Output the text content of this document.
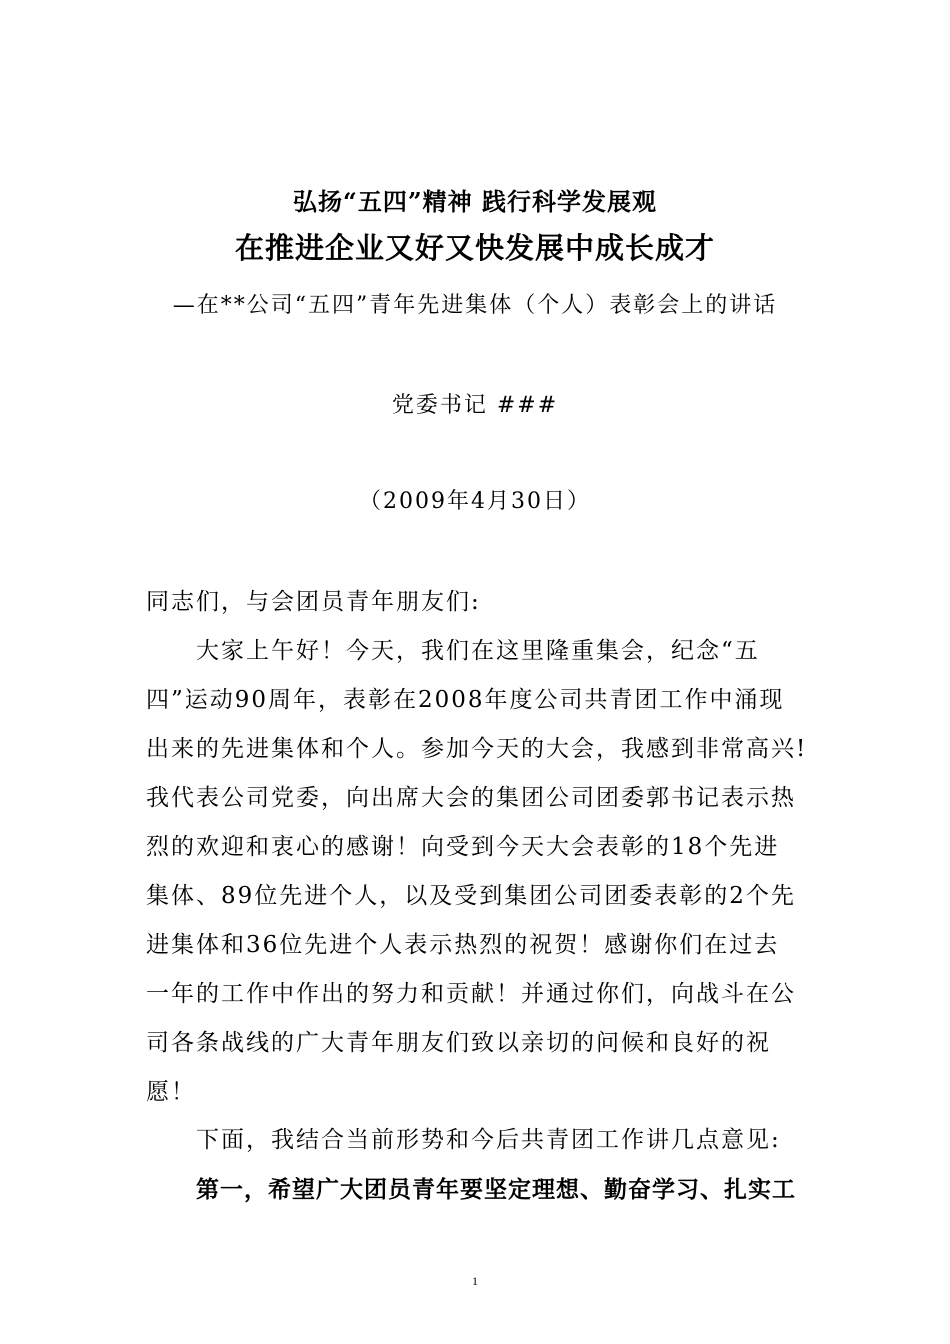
弘扬“五四”精神 践行科学发展观
在推进企业又好又快发展中成长成才
—在**公司“五四”青年先进集体（个人）表彰会上的讲话
党委书记 ###
（2009年4月30日）
同志们，与会团员青年朋友们:
大家上午好！今天，我们在这里隆重集会，纪念“五
四”运动90周年，表彰在2008年度公司共青团工作中涌现
出来的先进集体和个人。参加今天的大会，我感到非常高兴!
我代表公司党委，向出席大会的集团公司团委郭书记表示热
烈的欢迎和衷心的感谢！向受到今天大会表彰的18个先进
集体、89位先进个人，以及受到集团公司团委表彰的2个先
进集体和36位先进个人表示热烈的祝贺！感谢你们在过去
一年的工作中作出的努力和贡献！并通过你们，向战斗在公
司各条战线的广大青年朋友们致以亲切的问候和良好的祝
愿！
下面，我结合当前形势和今后共青团工作讲几点意见:
第一，希望广大团员青年要坚定理想、勤奋学习、扎实工
1
